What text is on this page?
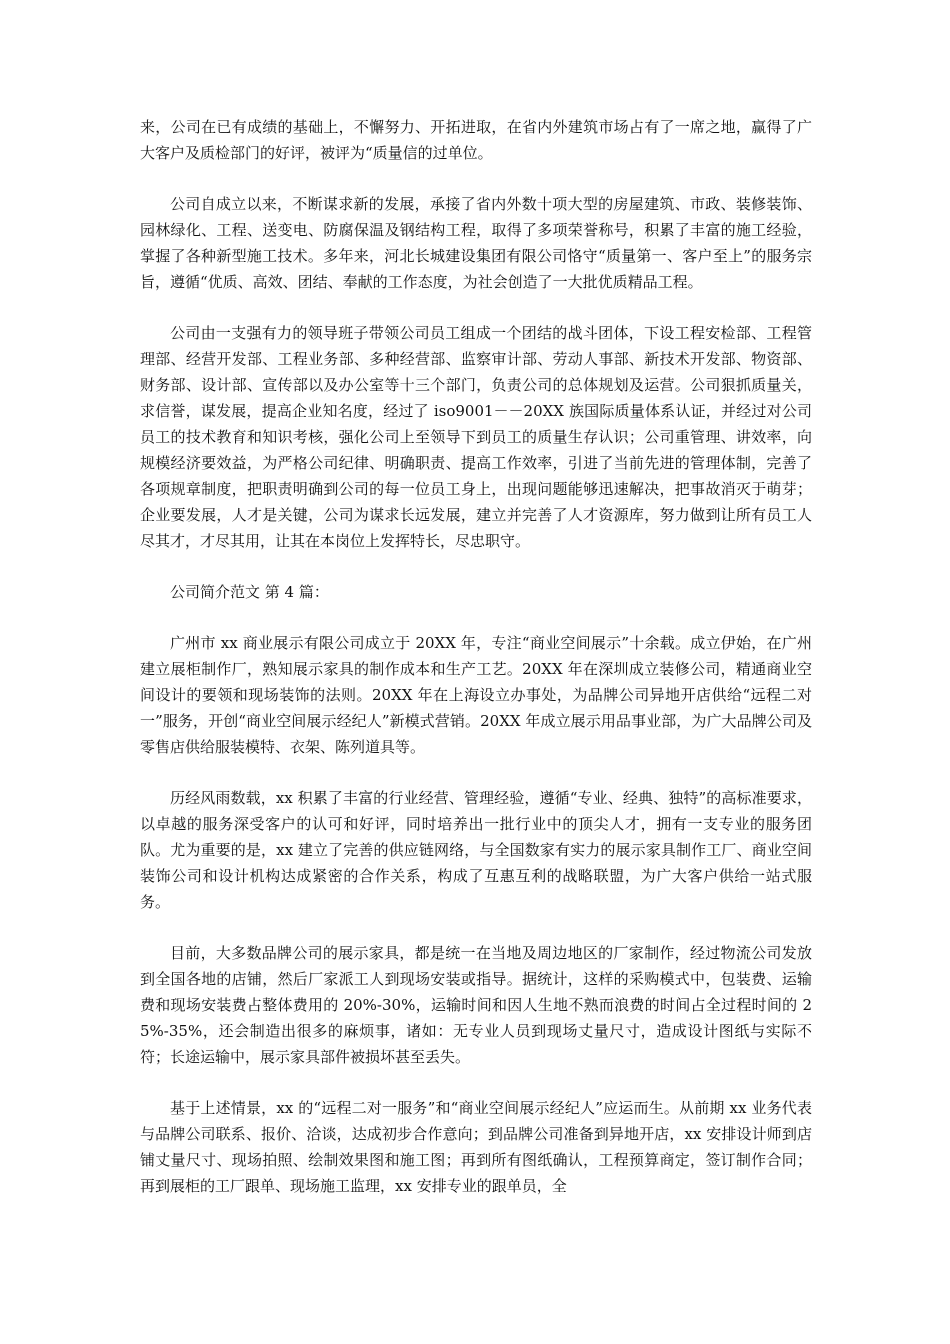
来，公司在已有成绩的基础上，不懈努力、开拓进取，在省内外建筑市场占有了一席之地，赢得了广大客户及质检部门的好评，被评为“质量信的过单位。

公司自成立以来，不断谋求新的发展，承接了省内外数十项大型的房屋建筑、市政、装修装饰、园林绿化、工程、送变电、防腐保温及钢结构工程，取得了多项荣誉称号，积累了丰富的施工经验，掌握了各种新型施工技术。多年来，河北长城建设集团有限公司恪守“质量第一、客户至上”的服务宗旨，遵循“优质、高效、团结、奉献的工作态度，为社会创造了一大批优质精品工程。

公司由一支强有力的领导班子带领公司员工组成一个团结的战斗团体，下设工程安检部、工程管理部、经营开发部、工程业务部、多种经营部、监察审计部、劳动人事部、新技术开发部、物资部、财务部、设计部、宣传部以及办公室等十三个部门，负责公司的总体规划及运营。公司狠抓质量关，求信誉，谋发展，提高企业知名度，经过了 iso9001－－20XX 族国际质量体系认证，并经过对公司员工的技术教育和知识考核，强化公司上至领导下到员工的质量生存认识；公司重管理、讲效率，向规模经济要效益，为严格公司纪律、明确职责、提高工作效率，引进了当前先进的管理体制，完善了各项规章制度，把职责明确到公司的每一位员工身上，出现问题能够迅速解决，把事故消灭于萌芽；企业要发展，人才是关键，公司为谋求长远发展，建立并完善了人才资源库，努力做到让所有员工人尽其才，才尽其用，让其在本岗位上发挥特长，尽忠职守。

公司简介范文 第 4 篇：

广州市 xx 商业展示有限公司成立于 20XX 年，专注“商业空间展示”十余载。成立伊始，在广州建立展柜制作厂，熟知展示家具的制作成本和生产工艺。20XX 年在深圳成立装修公司，精通商业空间设计的要领和现场装饰的法则。20XX 年在上海设立办事处，为品牌公司异地开店供给“远程二对一”服务，开创“商业空间展示经纪人”新模式营销。20XX 年成立展示用品事业部，为广大品牌公司及零售店供给服装模特、衣架、陈列道具等。

历经风雨数载，xx 积累了丰富的行业经营、管理经验，遵循“专业、经典、独特”的高标准要求，以卓越的服务深受客户的认可和好评，同时培养出一批行业中的顶尖人才，拥有一支专业的服务团队。尤为重要的是，xx 建立了完善的供应链网络，与全国数家有实力的展示家具制作工厂、商业空间装饰公司和设计机构达成紧密的合作关系，构成了互惠互利的战略联盟，为广大客户供给一站式服务。

目前，大多数品牌公司的展示家具，都是统一在当地及周边地区的厂家制作，经过物流公司发放到全国各地的店铺，然后厂家派工人到现场安装或指导。据统计，这样的采购模式中，包装费、运输费和现场安装费占整体费用的 20%-30%，运输时间和因人生地不熟而浪费的时间占全过程时间的 25%-35%，还会制造出很多的麻烦事，诸如：无专业人员到现场丈量尺寸，造成设计图纸与实际不符；长途运输中，展示家具部件被损坏甚至丢失。

基于上述情景，xx 的“远程二对一服务”和“商业空间展示经纪人”应运而生。从前期 xx 业务代表与品牌公司联系、报价、洽谈，达成初步合作意向；到品牌公司准备到异地开店，xx 安排设计师到店铺丈量尺寸、现场拍照、绘制效果图和施工图；再到所有图纸确认，工程预算商定，签订制作合同；再到展柜的工厂跟单、现场施工监理，xx 安排专业的跟单员，全
